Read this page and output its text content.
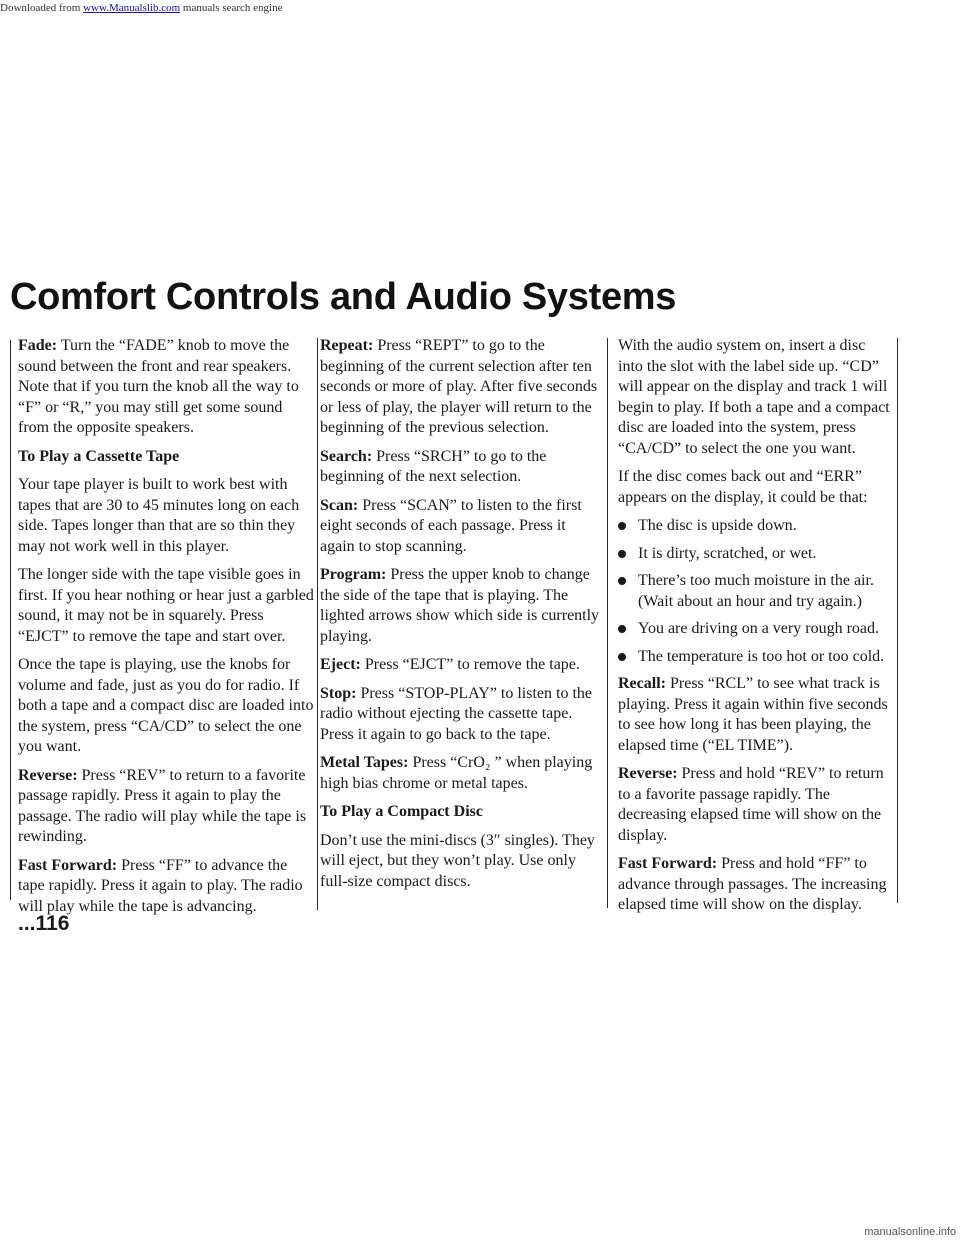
Downloaded from www.Manualslib.com manuals search engine
Comfort Controls and Audio Systems

Fade: Turn the “FADE” knob to move the sound between the front and rear speakers. Note that if you turn the knob all the way to “F” or “R,” you may still get some sound from the opposite speakers.

To Play a Cassette Tape

Your tape player is built to work best with tapes that are 30 to 45 minutes long on each side. Tapes longer than that are so thin they may not work well in this player.

The longer side with the tape visible goes in first. If you hear nothing or hear just a garbled sound, it may not be in squarely. Press “EJCT” to remove the tape and start over.

Once the tape is playing, use the knobs for volume and fade, just as you do for radio. If both a tape and a compact disc are loaded into the system, press “CA/CD” to select the one you want.

Reverse: Press “REV” to return to a favorite passage rapidly. Press it again to play the passage. The radio will play while the tape is rewinding.

Fast Forward: Press “FF” to advance the tape rapidly. Press it again to play. The radio will play while the tape is advancing.

Repeat: Press “REPT” to go to the beginning of the current selection after ten seconds or more of play. After five seconds or less of play, the player will return to the beginning of the previous selection.

Search: Press “SRCH” to go to the beginning of the next selection.

Scan: Press “SCAN” to listen to the first eight seconds of each passage. Press it again to stop scanning.

Program: Press the upper knob to change the side of the tape that is playing. The lighted arrows show which side is currently playing.

Eject: Press “EJCT” to remove the tape.

Stop: Press “STOP-PLAY” to listen to the radio without ejecting the cassette tape. Press it again to go back to the tape.

Metal Tapes: Press “CrO₂ ” when playing high bias chrome or metal tapes.

To Play a Compact Disc

Don’t use the mini-discs (3″ singles). They will eject, but they won’t play. Use only full-size compact discs.

With the audio system on, insert a disc into the slot with the label side up. “CD” will appear on the display and track 1 will begin to play. If both a tape and a compact disc are loaded into the system, press “CA/CD” to select the one you want.

If the disc comes back out and “ERR” appears on the display, it could be that:

The disc is upside down.
It is dirty, scratched, or wet.
There’s too much moisture in the air. (Wait about an hour and try again.)
You are driving on a very rough road.
The temperature is too hot or too cold.

Recall: Press “RCL” to see what track is playing. Press it again within five seconds to see how long it has been playing, the elapsed time (“EL TIME”).

Reverse: Press and hold “REV” to return to a favorite passage rapidly. The decreasing elapsed time will show on the display.

Fast Forward: Press and hold “FF” to advance through passages. The increasing elapsed time will show on the display.

...116
manualsonline.info
